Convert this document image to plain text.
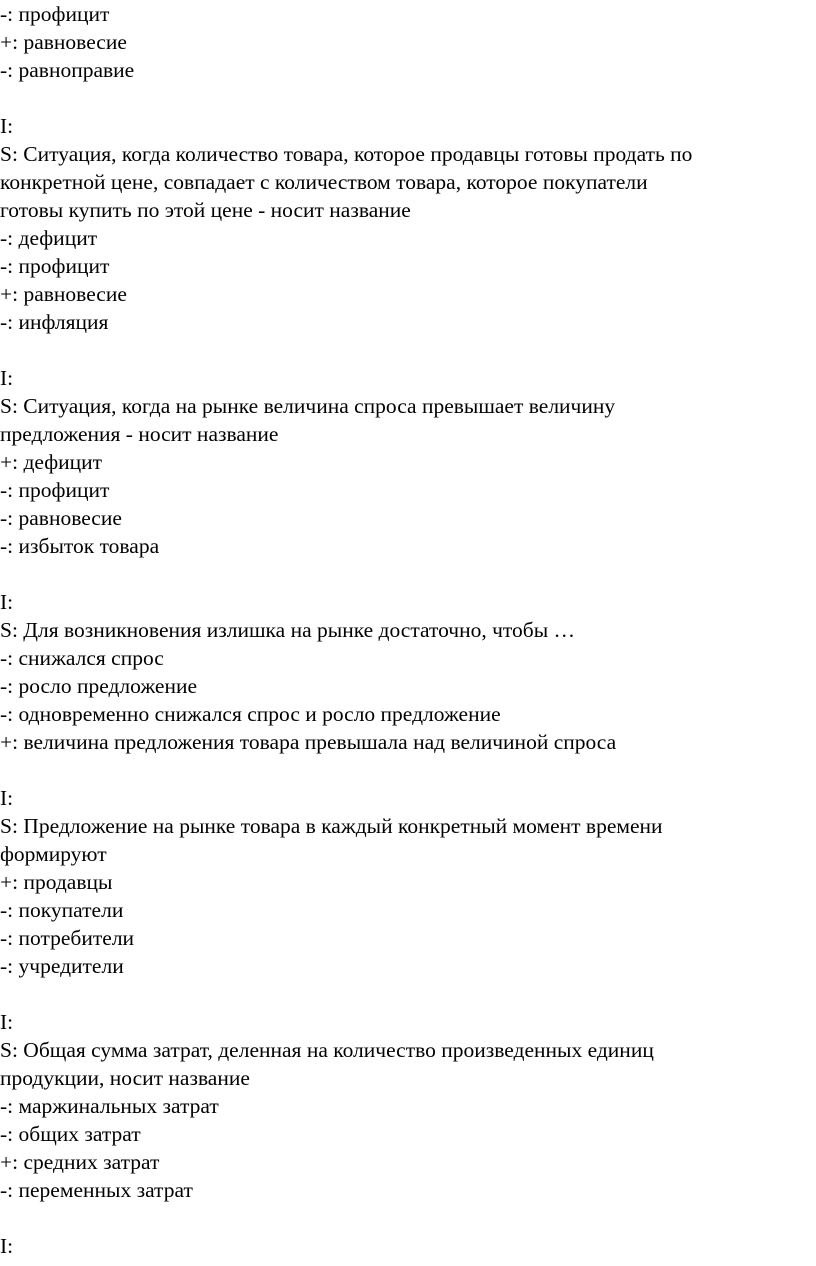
-: профицит
+: равновесие
-: равноправие
I:
S: Ситуация, когда количество товара, которое продавцы готовы продать по
конкретной цене, совпадает с количеством товара, которое покупатели
готовы купить по этой цене - носит название
-: дефицит
-: профицит
+: равновесие
-: инфляция
I:
S: Ситуация, когда на рынке величина спроса превышает величину
предложения - носит название
+: дефицит
-: профицит
-: равновесие
-: избыток товара
I:
S: Для возникновения излишка на рынке достаточно, чтобы …
-: снижался спрос
-: росло предложение
-: одновременно снижался спрос и росло предложение
+: величина предложения товара превышала над величиной спроса
I:
S: Предложение на рынке товара в каждый конкретный момент времени
формируют
+: продавцы
-: покупатели
-: потребители
-: учредители
I:
S: Общая сумма затрат, деленная на количество произведенных единиц
продукции, носит название
-: маржинальных затрат
-: общих затрат
+: средних затрат
-: переменных затрат
I:
